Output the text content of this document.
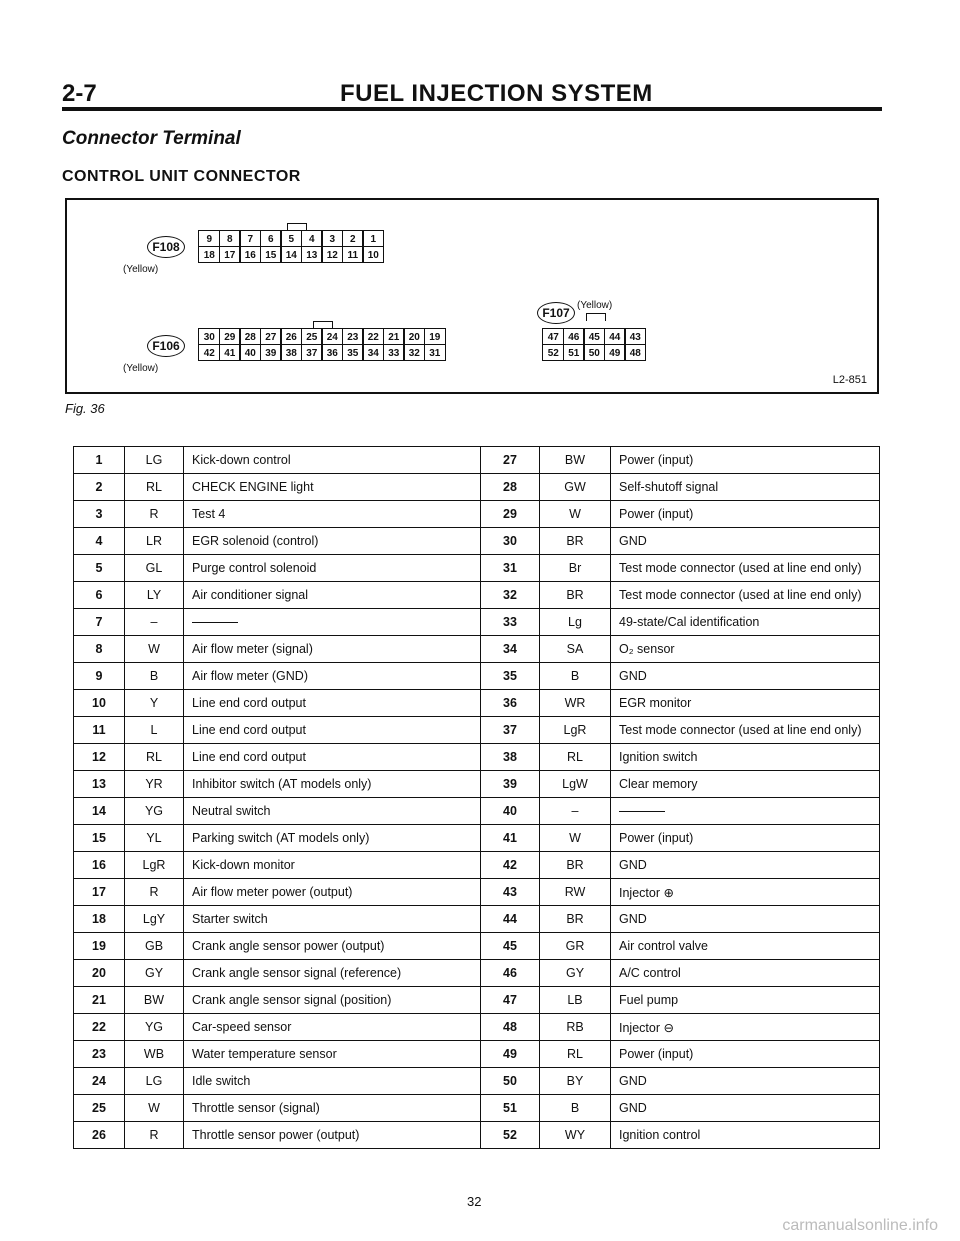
2-7	FUEL INJECTION SYSTEM
Connector Terminal
CONTROL UNIT CONNECTOR
F108
(Yellow)
9	8	7	6	5	4	3	2	1
18 17 16 15 14 13 12 11 10
F106
(Yellow)
30 29 28 27 26 25 24 23 22 21 20 19
42 41 40 39 38 37 36 35 34 33 32 31
F107
(Yellow)
47 46 45 44 43
52 51 50 49 48
L2-851
Fig. 36
1	LG	Kick-down control	27	BW	Power (input)
2	RL	CHECK ENGINE light	28	GW	Self-shutoff signal
3	R	Test 4	29	W	Power (input)
4	LR	EGR solenoid (control)	30	BR	GND
5	GL	Purge control solenoid	31	Br	Test mode connector (used at line end only)
6	LY	Air conditioner signal	32	BR	Test mode connector (used at line end only)
7	–		33	Lg	49-state/Cal identification
8	W	Air flow meter (signal)	34	SA	O₂ sensor
9	B	Air flow meter (GND)	35	B	GND
10	Y	Line end cord output	36	WR	EGR monitor
11	L	Line end cord output	37	LgR	Test mode connector (used at line end only)
12	RL	Line end cord output	38	RL	Ignition switch
13	YR	Inhibitor switch (AT models only)	39	LgW	Clear memory
14	YG	Neutral switch	40	–	
15	YL	Parking switch (AT models only)	41	W	Power (input)
16	LgR	Kick-down monitor	42	BR	GND
17	R	Air flow meter power (output)	43	RW	Injector ⊕
18	LgY	Starter switch	44	BR	GND
19	GB	Crank angle sensor power (output)	45	GR	Air control valve
20	GY	Crank angle sensor signal (reference)	46	GY	A/C control
21	BW	Crank angle sensor signal (position)	47	LB	Fuel pump
22	YG	Car-speed sensor	48	RB	Injector ⊖
23	WB	Water temperature sensor	49	RL	Power (input)
24	LG	Idle switch	50	BY	GND
25	W	Throttle sensor (signal)	51	B	GND
26	R	Throttle sensor power (output)	52	WY	Ignition control
32
carmanualsonline.info
